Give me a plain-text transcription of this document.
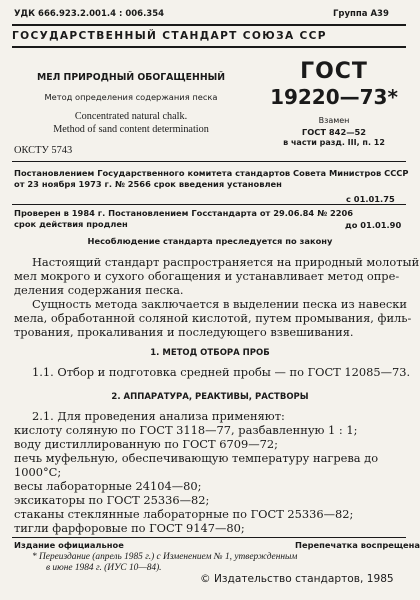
УДК 666.923.2.001.4 : 006.354	Группа А39
ГОСУДАРСТВЕННЫЙ СТАНДАРТ СОЮЗА ССР
МЕЛ ПРИРОДНЫЙ ОБОГАЩЕННЫЙ
Метод определения содержания песка
Concentrated natural chalk.
Method of sand content determination
ОКСТУ 5743
ГОСТ
19220—73*
Взамен
ГОСТ 842—52
в части разд. III, п. 12
Постановлением Государственного комитета стандартов Совета Министров СССР
от 23 ноября 1973 г. № 2566 срок введения установлен
с 01.01.75
Проверен в 1984 г. Постановлением Госстандарта от 29.06.84 № 2206
срок действия продлен	до 01.01.90
Несоблюдение стандарта преследуется по закону
Настоящий стандарт распространяется на природный молотый
мел мокрого и сухого обогащения и устанавливает метод опре-
деления содержания песка.
Сущность метода заключается в выделении песка из навески
мела, обработанной соляной кислотой, путем промывания, филь-
трования, прокаливания и последующего взвешивания.
1. МЕТОД ОТБОРА ПРОБ
1.1. Отбор и подготовка средней пробы — по ГОСТ 12085—73.
2. АППАРАТУРА, РЕАКТИВЫ, РАСТВОРЫ
2.1. Для проведения анализа применяют:
кислоту соляную по ГОСТ 3118—77, разбавленную 1 : 1;
воду дистиллированную по ГОСТ 6709—72;
печь муфельную, обеспечивающую температуру нагрева до
1000°С;
весы лабораторные 24104—80;
эксикаторы по ГОСТ 25336—82;
стаканы стеклянные лабораторные по ГОСТ 25336—82;
тигли фарфоровые по ГОСТ 9147—80;
Издание официальное	Перепечатка воспрещена
* Переиздание (апрель 1985 г.) с Изменением № 1, утвержденным
в июне 1984 г. (ИУС 10—84).
© Издательство стандартов, 1985
